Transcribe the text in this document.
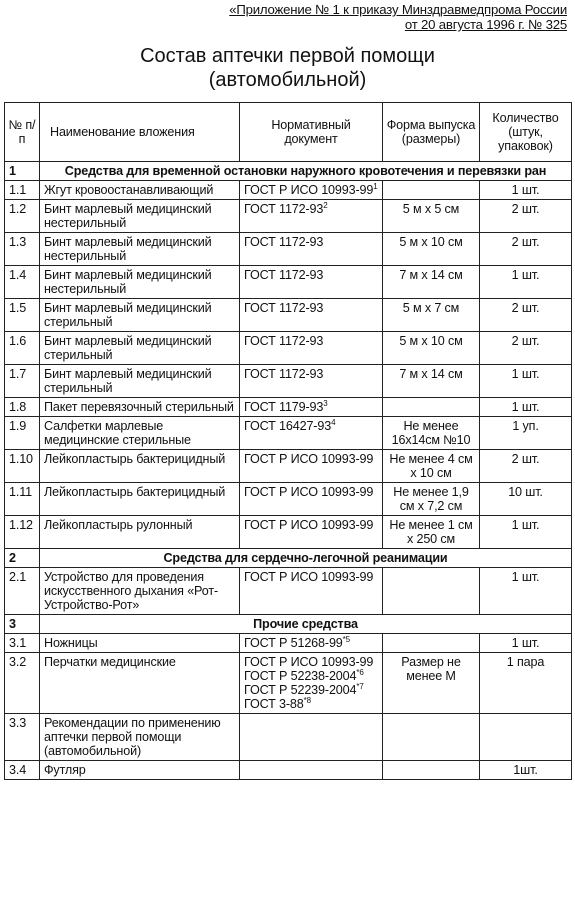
«Приложение № 1 к приказу Минздравмедпрома России
от 20 августа 1996 г. № 325
Состав аптечки первой помощи
(автомобильной)
№ п/п	Наименование вложения	Нормативный документ	Форма выпуска (размеры)	Количество (штук, упаковок)
1	Средства для временной остановки наружного кровотечения и перевязки ран			
1.1	Жгут кровоостанавливающий	ГОСТ Р ИСО $10993-99^1$		1 шт.
1.2	Бинт марлевый медицинский нестерильный	ГОСТ $1172-93^2$	5 м х 5 см	2 шт.
1.3	Бинт марлевый медицинский нестерильный	ГОСТ 1172-93	5 м х 10 см	2 шт.
1.4	Бинт марлевый медицинский нестерильный	ГОСТ 1172-93	7 м х 14 см	1 шт.
1.5	Бинт марлевый медицинский стерильный	ГОСТ 1172-93	5 м х 7 см	2 шт.
1.6	Бинт марлевый медицинский стерильный	ГОСТ 1172-93	5 м х 10 см	2 шт.
1.7	Бинт марлевый медицинский стерильный	ГОСТ 1172-93	7 м х 14 см	1 шт.
1.8	Пакет перевязочный стерильный	ГОСТ $1179-93^3$		1 шт.
1.9	Салфетки марлевые медицинские стерильные	ГОСТ $16427-93^4$	Не менее 16х14см №10	1 уп.
1.10	Лейкопластырь бактерицидный	ГОСТ Р ИСО 10993-99	Не менее 4 см х 10 см	2 шт.
1.11	Лейкопластырь бактерицидный	ГОСТ Р ИСО 10993-99	Не менее 1,9 см х 7,2 см	10 шт.
1.12	Лейкопластырь рулонный	ГОСТ Р ИСО 10993-99	Не менее 1 см х 250 см	1 шт.
2	Средства для сердечно-легочной реанимации			
2.1	Устройство для проведения искусственного дыхания «Рот-Устройство-Рот»	ГОСТ Р ИСО 10993-99		1 шт.
3	Прочие средства			
3.1	Ножницы	ГОСТ Р 51268-99$^{*5}$		1 шт.
3.2	Перчатки медицинские	ГОСТ Р ИСО 10993-99
ГОСТ Р 52238-2004$^{*6}$
ГОСТ Р 52239-2004$^{*7}$
ГОСТ 3-88$^{*8}$	Размер не менее М	1 пара
3.3	Рекомендации по применению аптечки первой помощи (автомобильной)			
3.4	Футляр			1шт.
